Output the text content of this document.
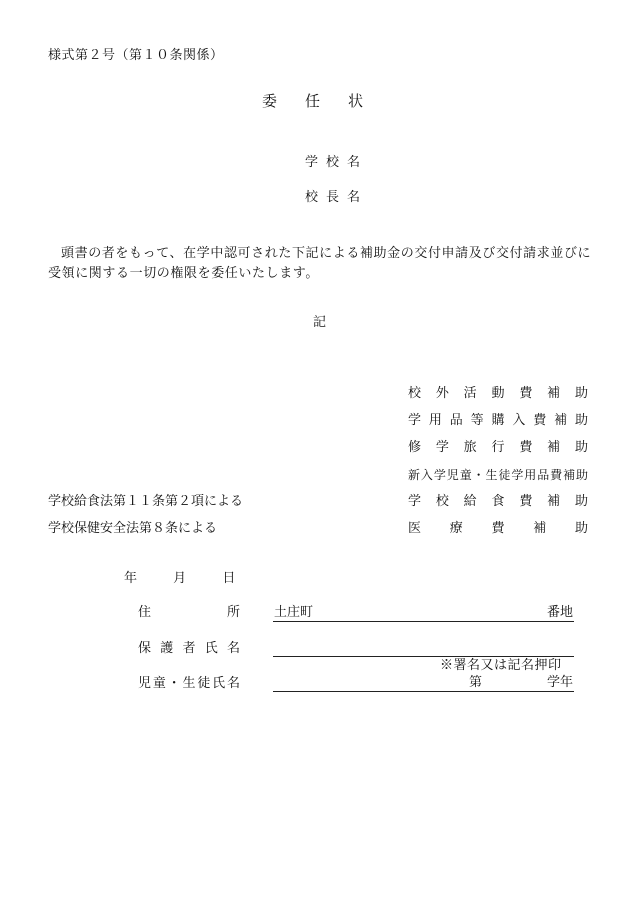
様式第２号（第１０条関係）
委任状
学校名
校長名
頭書の者をもって、在学中認可された下記による補助金の交付申請及び交付請求並びに受領に関する一切の権限を委任いたします。
記
校外活動費補助
学用品等購入費補助
修学旅行費補助
新入学児童・生徒学用品費補助
学校給食法第１１条第２項による	学校給食費補助
学校保健安全法第８条による	医療費補助
年	月	日
住所	土庄町	番地
保護者氏名
※署名又は記名押印
児童・生徒氏名	第	学年
